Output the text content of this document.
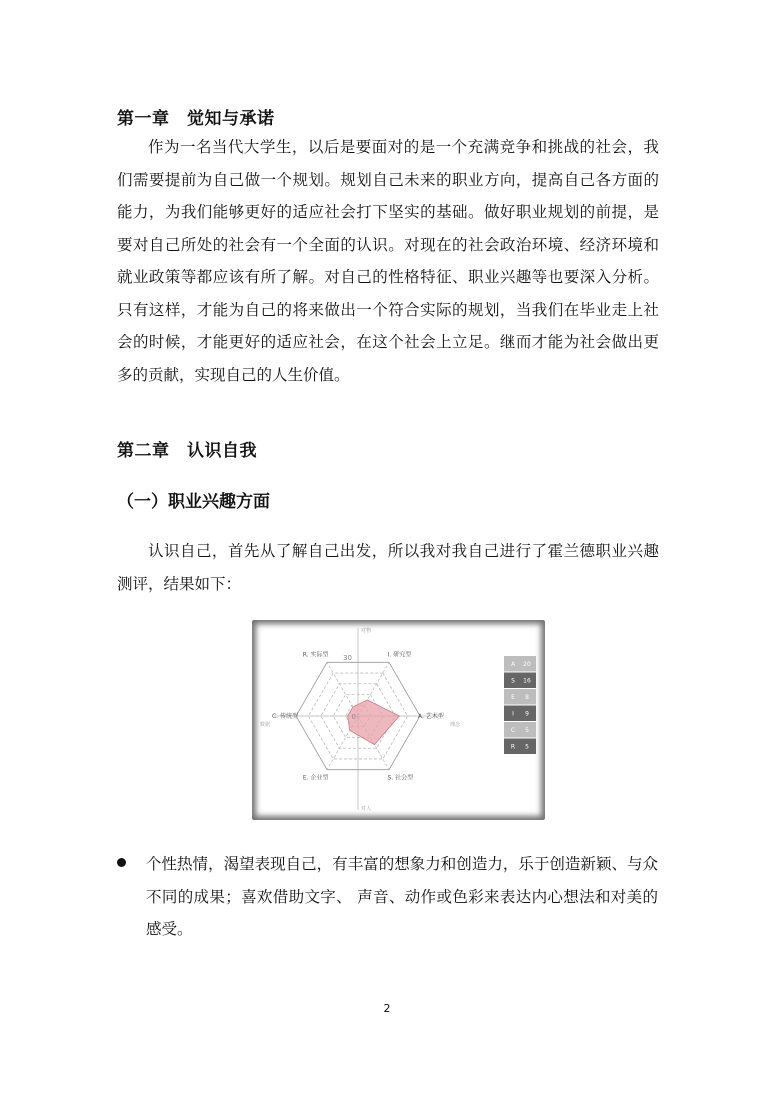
第一章　觉知与承诺

作为一名当代大学生，以后是要面对的是一个充满竞争和挑战的社会，我们需要提前为自己做一个规划。规划自己未来的职业方向，提高自己各方面的能力，为我们能够更好的适应社会打下坚实的基础。做好职业规划的前提，是要对自己所处的社会有一个全面的认识。对现在的社会政治环境、经济环境和就业政策等都应该有所了解。对自己的性格特征、职业兴趣等也要深入分析。只有这样，才能为自己的将来做出一个符合实际的规划，当我们在毕业走上社会的时候，才能更好的适应社会，在这个社会上立足。继而才能为社会做出更多的贡献，实现自己的人生价值。

第二章　认识自我
（一）职业兴趣方面

认识自己，首先从了解自己出发，所以我对我自己进行了霍兰德职业兴趣测评，结果如下：

I. 研究型
A. 艺术型
S. 社会型
E. 企业型
C. 传统型
R. 实际型 30
0
对物
对人
数据	理念
A 20
S 16
E 8
I 9
C 5
R 5

个性热情，渴望表现自己，有丰富的想象力和创造力，乐于创造新颖、与众不同的成果；喜欢借助文字、 声音、动作或色彩来表达内心想法和对美的感受。

2
